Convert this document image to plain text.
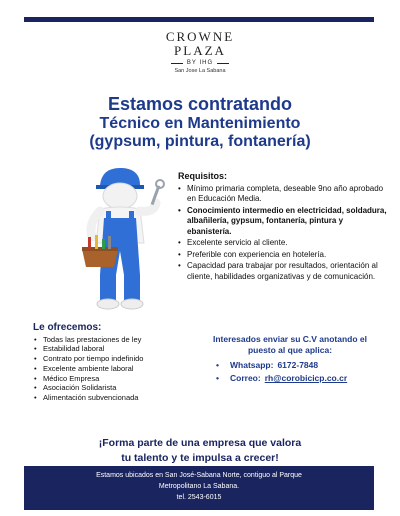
CROWNE
PLAZA
BY IHG
San Jose La Sabana
Estamos contratando
Técnico en Mantenimiento
(gypsum, pintura, fontanería)
Requisitos:
• Mínimo primaria completa, deseable 9no año aprobado en Educación Media.
• Conocimiento intermedio en electricidad, soldadura, albañilería, gypsum, fontanería, pintura y ebanistería.
• Excelente servicio al cliente.
• Preferible con experiencia en hotelería.
• Capacidad para trabajar por resultados, orientación al cliente, habilidades organizativas y de comunicación.
Le ofrecemos:
• Todas las prestaciones de ley
• Estabilidad laboral
• Contrato por tiempo indefinido
• Excelente ambiente laboral
• Médico Empresa
• Asociación Solidarista
• Alimentación subvencionada
Interesados enviar su C.V anotando el puesto al que aplica:
• Whatsapp: 6172-7848
• Correo: rh@corobicicp.co.cr
¡Forma parte de una empresa que valora
tu talento y te impulsa a crecer!
Estamos ubicados en San José-Sabana Norte, contiguo al Parque
Metropolitano La Sabana.
tel. 2543-6015
